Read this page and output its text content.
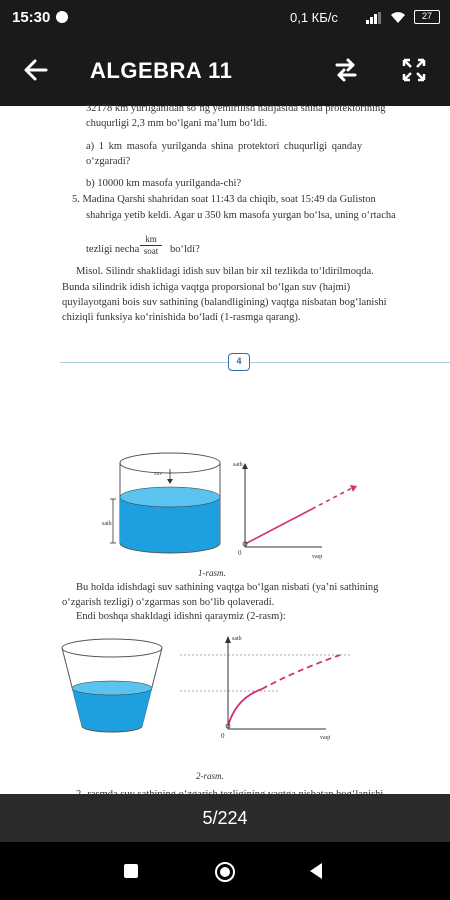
15:30	0,1 КБ/с	27
ALGEBRA 11
32178 km yurilganidan so‘ng yemirilish natijasida shina protektorining
chuqurligi 2,3 mm bo‘lgani ma’lum bo‘ldi.
a) 1 km masofa yurilganda shina protektori chuqurligi qanday
o‘zgaradi?
b) 10000 km masofa yurilganda-chi?
5. Madina Qarshi shahridan soat 11:43 da chiqib, soat 15:49 da Guliston
shahriga yetib keldi. Agar u 350 km masofa yurgan bo‘lsa, uning o‘rtacha
tezligi necha
km
soat	bo‘ldi?
Misol. Silindr shaklidagi idish suv bilan bir xil tezlikda to‘ldirilmoqda.
Bunda silindrik idish ichiga vaqtga proporsional bo‘lgan suv (hajmi)
quyilayotgani bois suv sathining (balandligining) vaqtga nisbatan bog‘lanishi
chiziqli funksiya ko‘rinishida bo‘ladi (1-rasmga qarang).
4
suv
sath
sath
vaqt
0
1-rasm.
Bu holda idishdagi suv sathining vaqtga bo‘lgan nisbati (ya’ni sathining
o‘zgarish tezligi) o‘zgarmas son bo‘lib qolaveradi.
Endi boshqa shakldagi idishni qaraymiz (2-rasm):
sath
vaqt
0
2-rasm.
5/224
